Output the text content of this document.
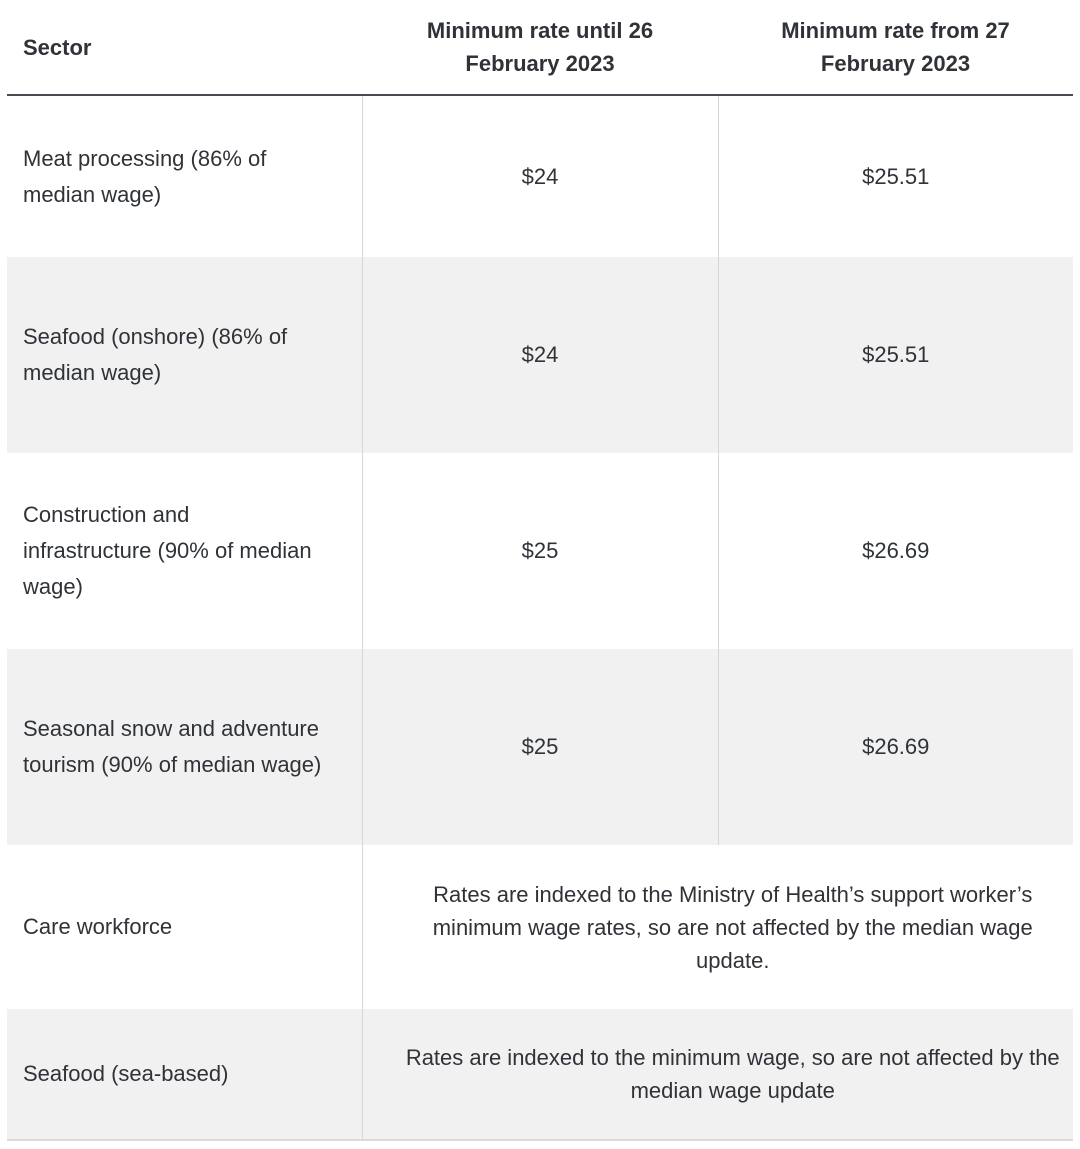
Sector	Minimum rate until 26 February 2023	Minimum rate from 27 February 2023
Meat processing (86% of median wage)	$24	$25.51
Seafood (onshore) (86% of median wage)	$24	$25.51
Construction and infrastructure (90% of median wage)	$25	$26.69
Seasonal snow and adventure tourism (90% of median wage)	$25	$26.69
Care workforce	Rates are indexed to the Ministry of Health’s support worker’s minimum wage rates, so are not affected by the median wage update.	
Seafood (sea-based)	Rates are indexed to the minimum wage, so are not affected by the median wage update	
